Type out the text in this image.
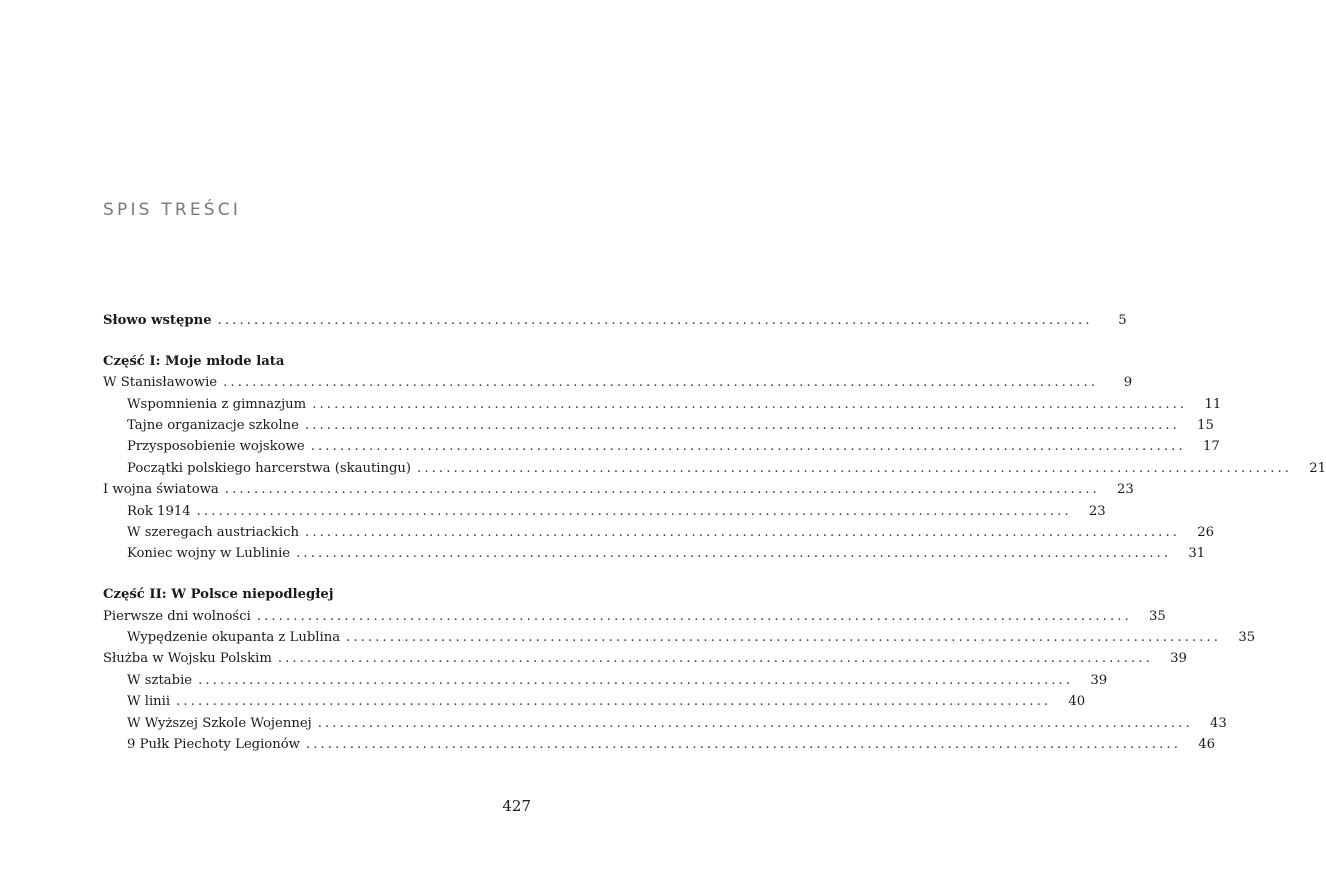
SPIS TREŚCI
Słowo wstępne ........................................................................................................................	5
Część I: Moje młode lata
W Stanisławowie ........................................................................................................................	9
Wspomnienia z gimnazjum ........................................................................................................................	11
Tajne organizacje szkolne ........................................................................................................................	15
Przysposobienie wojskowe ........................................................................................................................	17
Początki polskiego harcerstwa (skautingu) ........................................................................................................................	21
I wojna światowa ........................................................................................................................	23
Rok 1914 ........................................................................................................................	23
W szeregach austriackich ........................................................................................................................	26
Koniec wojny w Lublinie ........................................................................................................................	31
Część II: W Polsce niepodległej
Pierwsze dni wolności ........................................................................................................................	35
Wypędzenie okupanta z Lublina ........................................................................................................................	35
Służba w Wojsku Polskim ........................................................................................................................	39
W sztabie ........................................................................................................................	39
W linii ........................................................................................................................	40
W Wyższej Szkole Wojennej ........................................................................................................................	43
9 Pułk Piechoty Legionów ........................................................................................................................	46
427
